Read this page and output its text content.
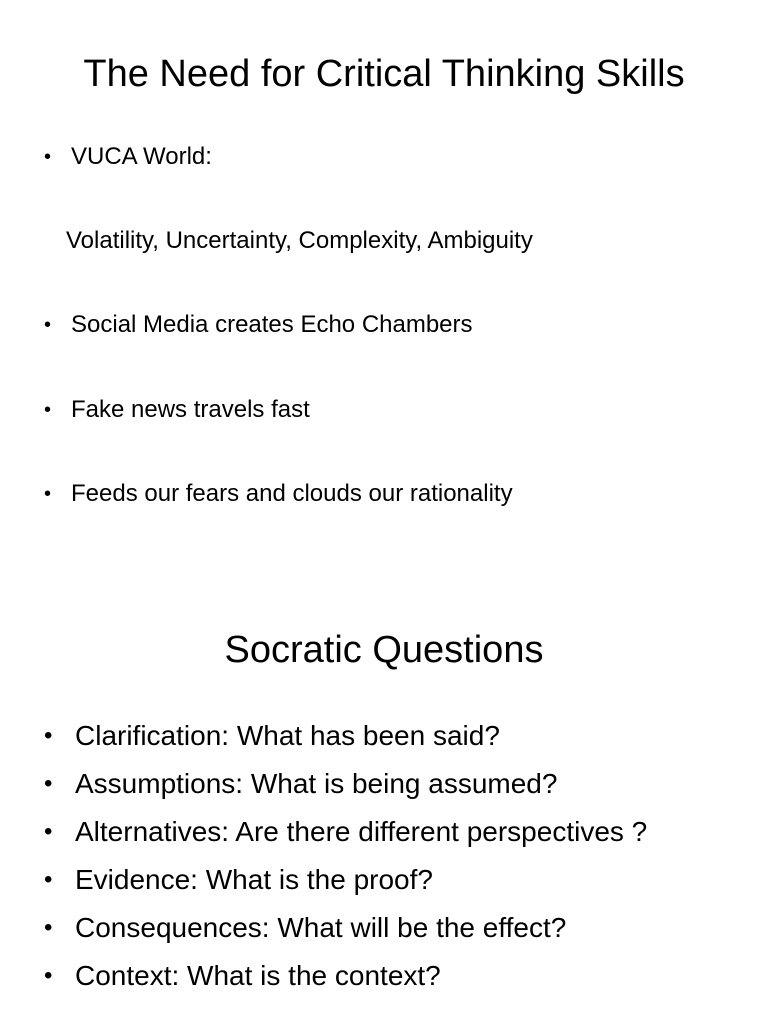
The Need for Critical Thinking Skills
• VUCA World:
• Social Media creates Echo Chambers
• Fake news travels fast
• Feeds our fears and clouds our rationality
Volatility, Uncertainty, Complexity, Ambiguity
Socratic Questions
• Clarification: What has been said?
• Assumptions: What is being assumed?
• Alternatives: Are there different perspectives ?
• Evidence: What is the proof?
• Consequences: What will be the effect?
• Context: What is the context?
